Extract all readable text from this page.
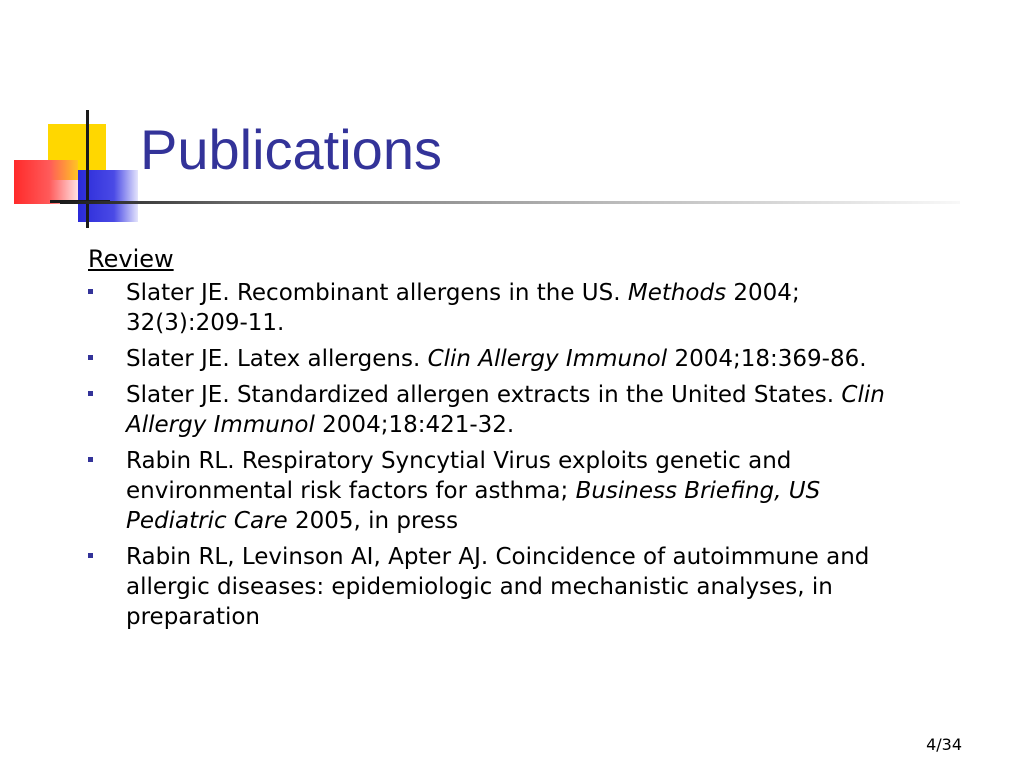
Publications
Review
Slater JE. Recombinant allergens in the US. Methods 2004; 32(3):209-11.
Slater JE. Latex allergens. Clin Allergy Immunol 2004;18:369-86.
Slater JE. Standardized allergen extracts in the United States. Clin Allergy Immunol 2004;18:421-32.
Rabin RL. Respiratory Syncytial Virus exploits genetic and environmental risk factors for asthma; Business Briefing, US Pediatric Care 2005, in press
Rabin RL, Levinson AI, Apter AJ. Coincidence of autoimmune and allergic diseases: epidemiologic and mechanistic analyses, in preparation
4/34
